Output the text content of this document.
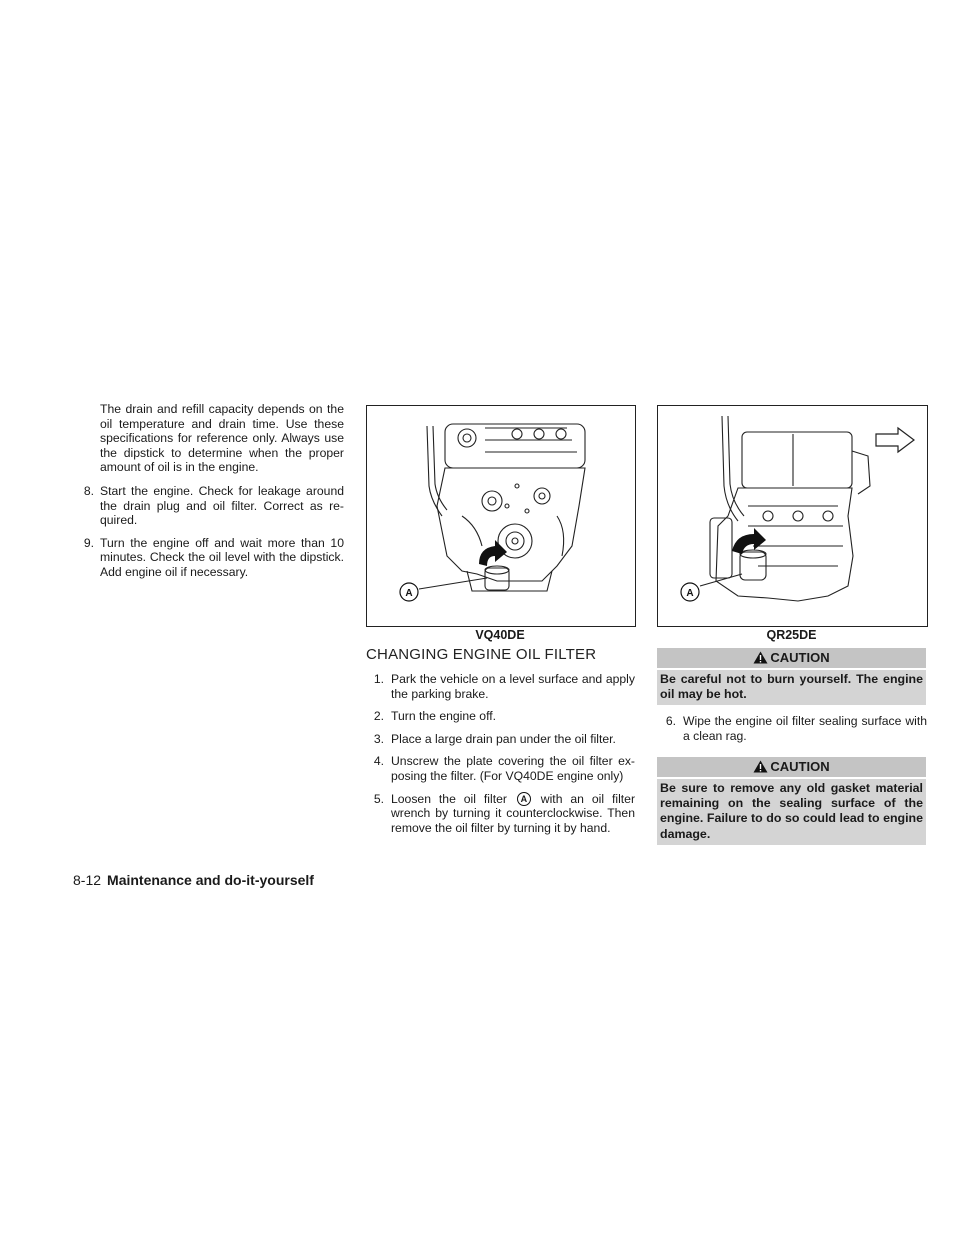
The drain and refill capacity depends on the oil temperature and drain time. Use these specifications for reference only. Always use the dipstick to determine when the proper amount of oil is in the engine.
8. Start the engine. Check for leakage around the drain plug and oil filter. Correct as re-quired.
9. Turn the engine off and wait more than 10 minutes. Check the oil level with the dipstick. Add engine oil if necessary.
A
VQ40DE
A
QR25DE
CHANGING ENGINE OIL FILTER
1. Park the vehicle on a level surface and apply the parking brake.
2. Turn the engine off.
3. Place a large drain pan under the oil filter.
4. Unscrew the plate covering the oil filter ex-posing the filter. (For VQ40DE engine only)
5. Loosen the oil filter A with an oil filter wrench by turning it counterclockwise. Then remove the oil filter by turning it by hand.
CAUTION
Be careful not to burn yourself. The engine oil may be hot.
6. Wipe the engine oil filter sealing surface with a clean rag.
CAUTION
Be sure to remove any old gasket material remaining on the sealing surface of the engine. Failure to do so could lead to engine damage.
8-12 Maintenance and do-it-yourself
